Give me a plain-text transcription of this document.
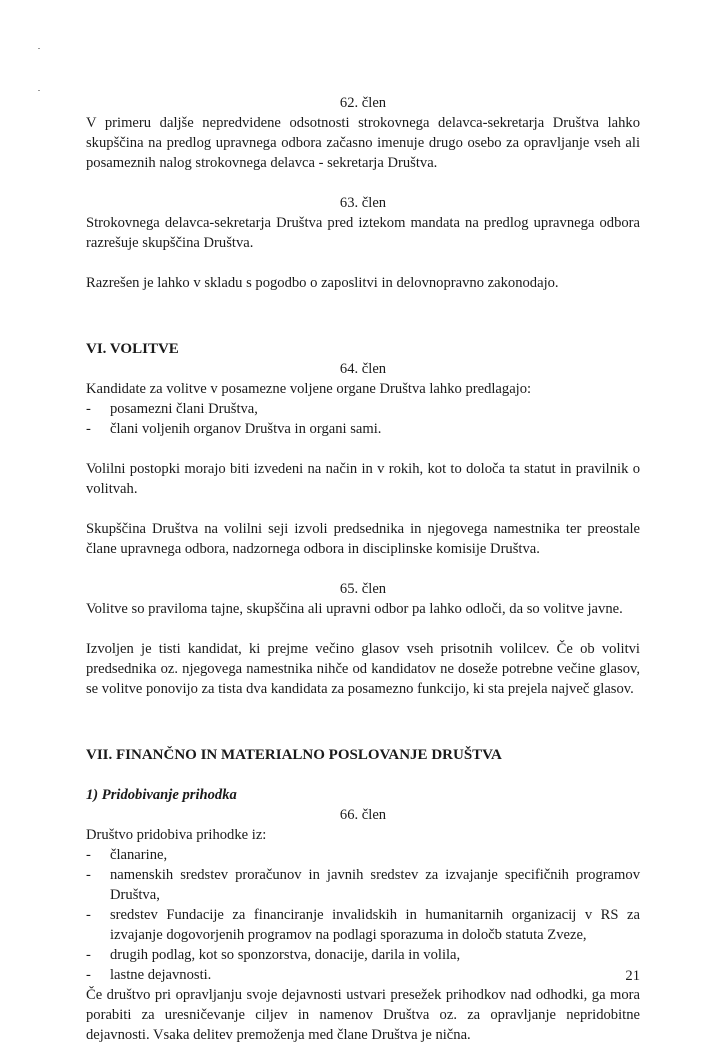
62. člen

V primeru daljše nepredvidene odsotnosti strokovnega delavca-sekretarja Društva lahko

skupščina na predlog upravnega odbora začasno imenuje drugo osebo za opravljanje vseh ali

posameznih nalog strokovnega delavca - sekretarja Društva.

63. člen

Strokovnega delavca-sekretarja Društva pred iztekom mandata na predlog upravnega odbora

razrešuje skupščina Društva.

Razrešen je lahko v skladu s pogodbo o zaposlitvi in delovnopravno zakonodajo.

VI. VOLITVE

64. člen

Kandidate za volitve v posamezne voljene organe Društva lahko predlagajo:

- posamezni člani Društva,
- člani voljenih organov Društva in organi sami.

Volilni postopki morajo biti izvedeni na način in v rokih, kot to določa ta statut in pravilnik o

volitvah.

Skupščina Društva na volilni seji izvoli predsednika in njegovega namestnika ter preostale

člane upravnega odbora, nadzornega odbora in disciplinske komisije Društva.

65. člen

Volitve so praviloma tajne, skupščina ali upravni odbor pa lahko odloči, da so volitve javne.

Izvoljen je tisti kandidat, ki prejme večino glasov vseh prisotnih volilcev. Če ob volitvi

predsednika oz. njegovega namestnika nihče od kandidatov ne doseže potrebne večine glasov,

se volitve ponovijo za tista dva kandidata za posamezno funkcijo, ki sta prejela največ glasov.

VII. FINANČNO IN MATERIALNO POSLOVANJE DRUŠTVA

1) Pridobivanje prihodka

66. člen

Društvo pridobiva prihodke iz:

- članarine,
- namenskih sredstev proračunov in javnih sredstev za izvajanje specifičnih programov
Društva,
- sredstev Fundacije za financiranje invalidskih in humanitarnih organizacij v RS za
izvajanje dogovorjenih programov na podlagi sporazuma in določb statuta Zveze,
- drugih podlag, kot so sponzorstva, donacije, darila in volila,
- lastne dejavnosti.

Če društvo pri opravljanju svoje dejavnosti ustvari presežek prihodkov nad odhodki, ga mora

porabiti za uresničevanje ciljev in namenov Društva oz. za opravljanje nepridobitne

dejavnosti. Vsaka delitev premoženja med člane Društva je nična.

21
